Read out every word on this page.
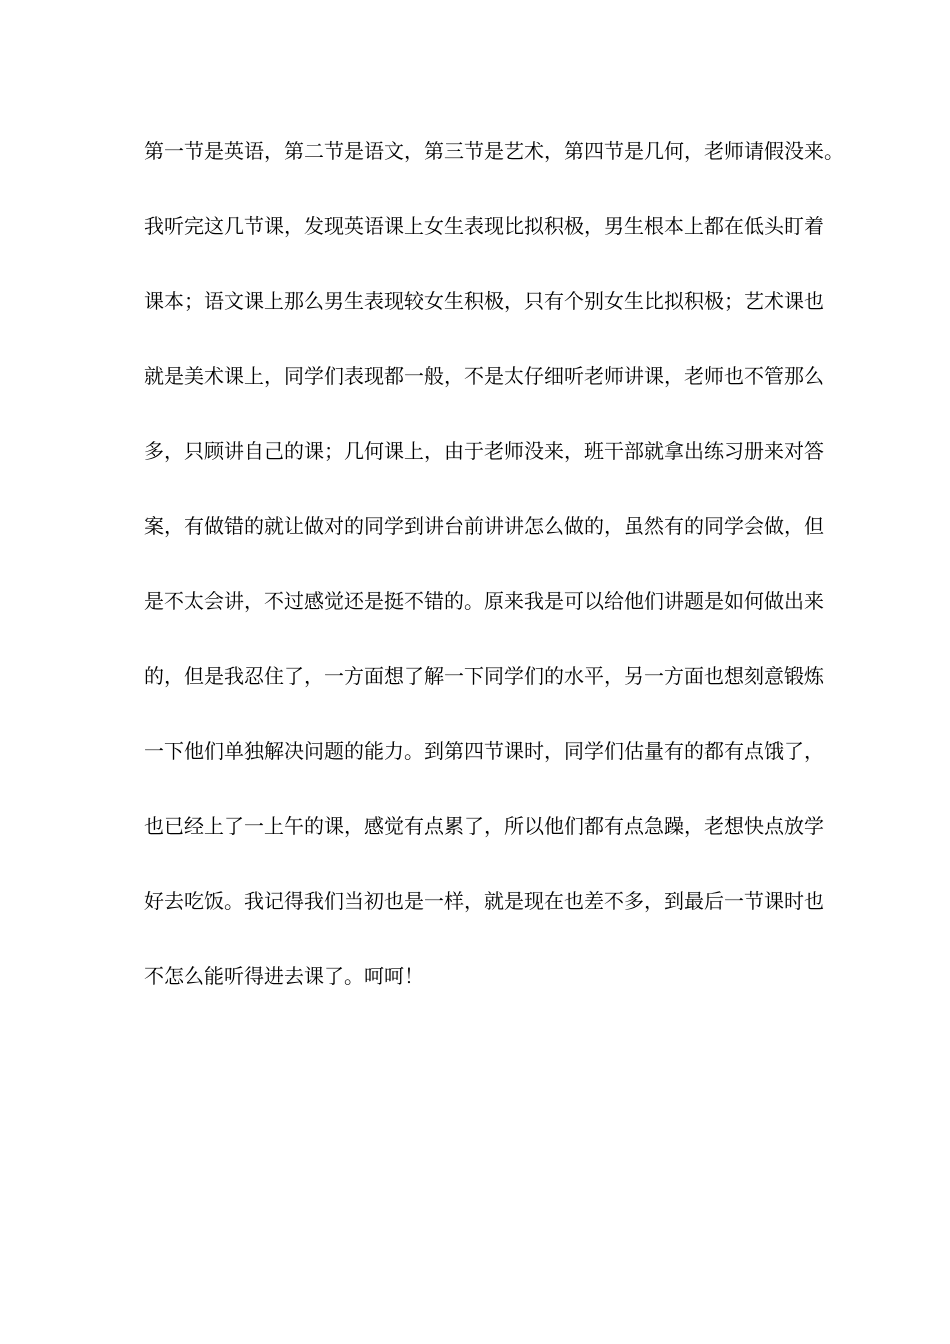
第一节是英语，第二节是语文，第三节是艺术，第四节是几何，老师请假没来。
我听完这几节课，发现英语课上女生表现比拟积极，男生根本上都在低头盯着
课本；语文课上那么男生表现较女生积极，只有个别女生比拟积极；艺术课也
就是美术课上，同学们表现都一般，不是太仔细听老师讲课，老师也不管那么
多，只顾讲自己的课；几何课上，由于老师没来，班干部就拿出练习册来对答
案，有做错的就让做对的同学到讲台前讲讲怎么做的，虽然有的同学会做，但
是不太会讲，不过感觉还是挺不错的。原来我是可以给他们讲题是如何做出来
的，但是我忍住了，一方面想了解一下同学们的水平，另一方面也想刻意锻炼
一下他们单独解决问题的能力。到第四节课时，同学们估量有的都有点饿了，
也已经上了一上午的课，感觉有点累了，所以他们都有点急躁，老想快点放学
好去吃饭。我记得我们当初也是一样，就是现在也差不多，到最后一节课时也
不怎么能听得进去课了。呵呵！
